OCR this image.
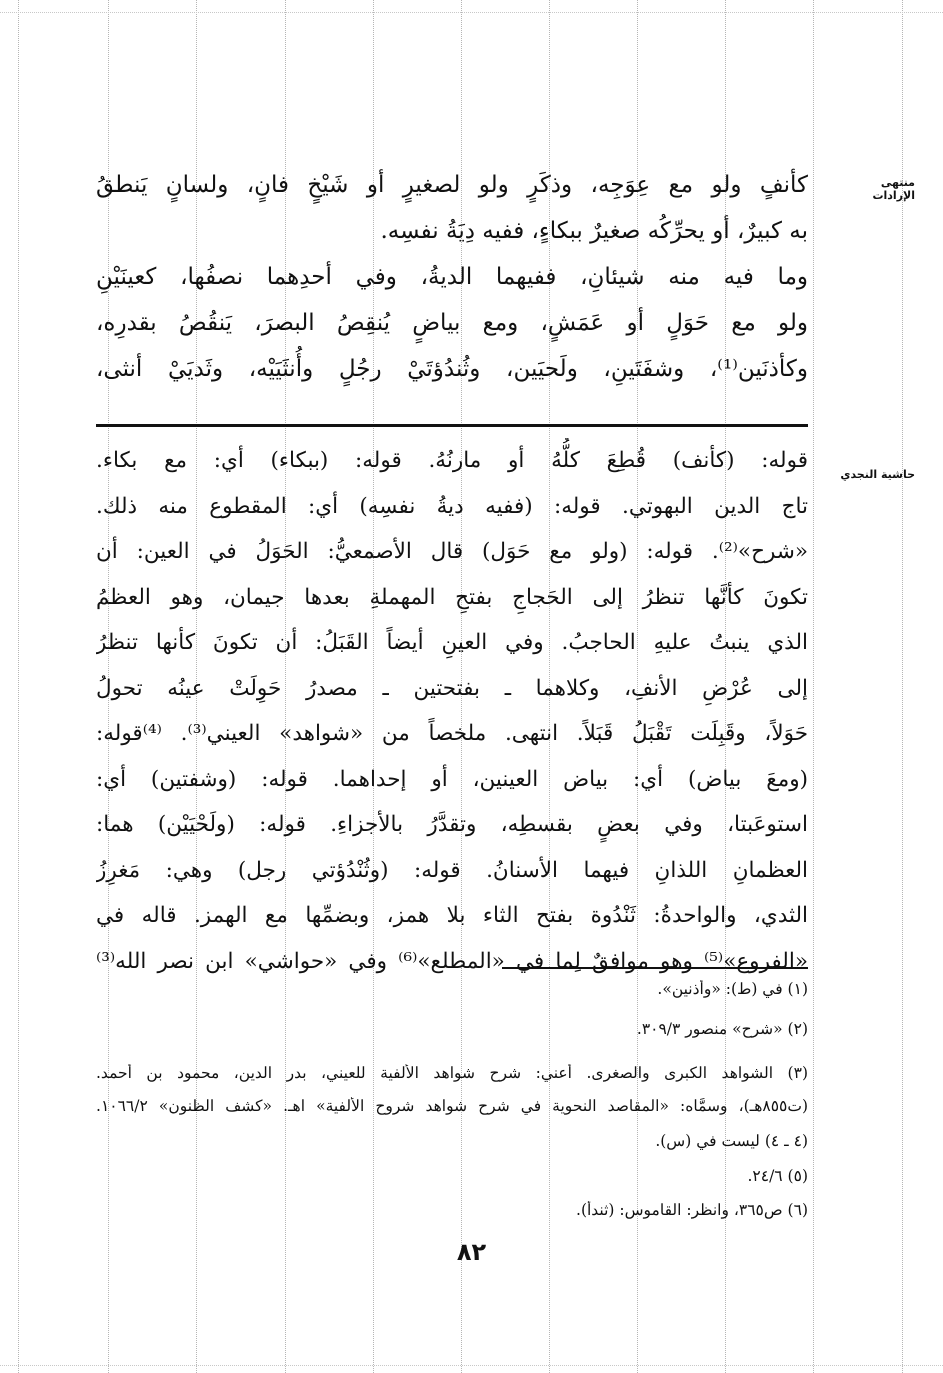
منتهى الإرادات
حاشية النجدي
كأنفٍ ولو مع عِوَجِه، وذكَرٍ ولو لصغيرٍ أو شَيْخٍ فانٍ، ولسانٍ يَنطقُ
به كبيرٌ، أو يحرِّكُه صغيرٌ ببكاءٍ، ففيه دِيَةُ نفسِه.
وما فيه منه شيئانِ، ففيهما الديةُ، وفي أحدِهما نصفُها، كعينَيْنِ
ولو مع حَوَلٍ أو عَمَشٍ، ومع بياضٍ يُنقِصُ البصرَ، يَنقُصُ بقدرِه،
وكأذنَين⁽¹⁾، وشفَتَينِ، ولَحيَين، وثُندُؤتَيْ رجُلٍ وأُنثَيَيْه، وثَديَيْ أنثى،
قوله: (كأنف) قُطِعَ كلُّهُ أو مارنُهُ. قوله: (ببكاء) أي: مع بكاء.
تاج الدين البهوتي. قوله: (ففيه ديةُ نفسِه) أي: المقطوع منه ذلك.
«شرح»⁽²⁾. قوله: (ولو مع حَوَل) قال الأصمعيُّ: الحَوَلُ في العين: أن
تكونَ كأنَّها تنظرُ إلى الحَجاجِ بفتحِ المهملةِ بعدها جيمان، وهو العظمُ
الذي ينبتُ عليهِ الحاجبُ. وفي العينِ أيضاً القَبَلُ: أن تكونَ كأنها تنظرُ
إلى عُرْضِ الأنفِ، وكلاهما ـ بفتحتين ـ مصدرُ حَوِلَتْ عينُه تحولُ
حَوَلاً، وقَبِلَت تَقْبَلُ قَبَلاً. انتهى. ملخصاً من «شواهد» العيني⁽³⁾. ⁽⁴⁾قوله:
(ومعَ بياض) أي: بياض العينين، أو إحداهما. قوله: (وشفتين) أي:
استوعَبتا، وفي بعضٍ بقسطِه، وتقدَّرُ بالأجزاءِ. قوله: (ولَحْيَيْن) هما:
العظمانِ اللذانِ فيهما الأسنانُ. قوله: (وثُنْدُؤتي رجل) وهي: مَغرِزُ
الثدي، والواحدةُ: ثَنْدُوة بفتح الثاء بلا همز، وبضمِّها مع الهمز. قاله في
«الفروع»⁽⁵⁾ وهو موافقٌ لِما في «المطلع»⁽⁶⁾ وفي «حواشي» ابن نصر الله⁽³⁾
(١) في (ط): «وأذنين».
(٢) «شرح» منصور ٣٠٩/٣.
(٣) الشواهد الكبرى والصغرى. أعني: شرح شواهد الألفية للعيني، بدر الدين، محمود بن أحمد.
(ت٨٥٥هـ)، وسمَّاه: «المقاصد النحوية في شرح شواهد شروح الألفية» اهـ. «كشف الظنون» ١٠٦٦/٢.
(٤ ـ ٤) ليست في (س).
(٥) ٢٤/٦.
(٦) ص٣٦٥، وانظر: القاموس: (ثندأ).
٨٢
